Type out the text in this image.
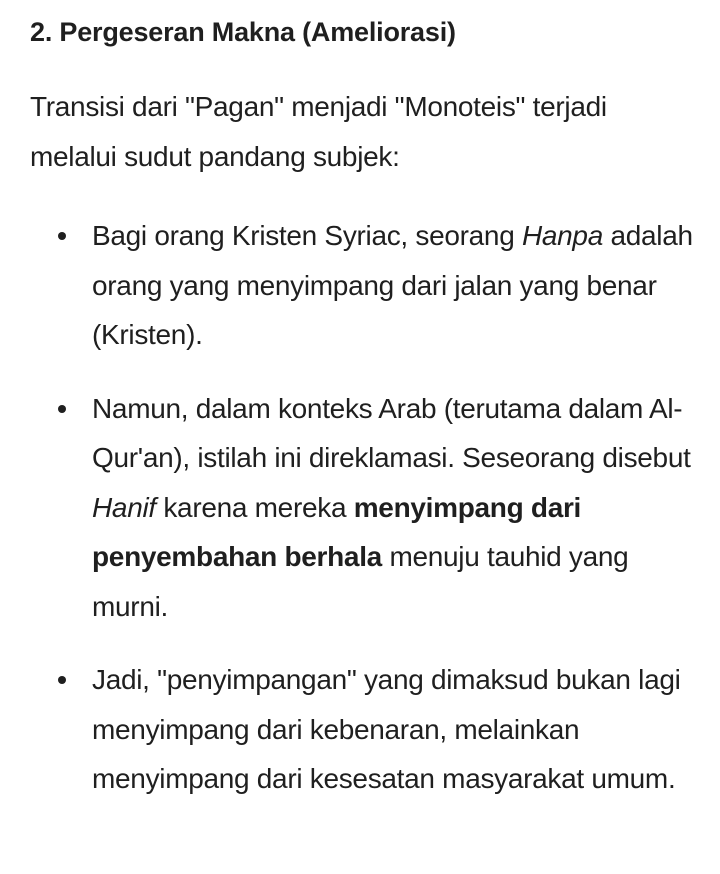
2. Pergeseran Makna (Ameliorasi)

Transisi dari "Pagan" menjadi "Monoteis" terjadi melalui sudut pandang subjek:

Bagi orang Kristen Syriac, seorang Hanpa adalah orang yang menyimpang dari jalan yang benar (Kristen).
Namun, dalam konteks Arab (terutama dalam Al-Qur'an), istilah ini direklamasi. Seseorang disebut Hanif karena mereka menyimpang dari penyembahan berhala menuju tauhid yang murni.
Jadi, "penyimpangan" yang dimaksud bukan lagi menyimpang dari kebenaran, melainkan menyimpang dari kesesatan masyarakat umum.
